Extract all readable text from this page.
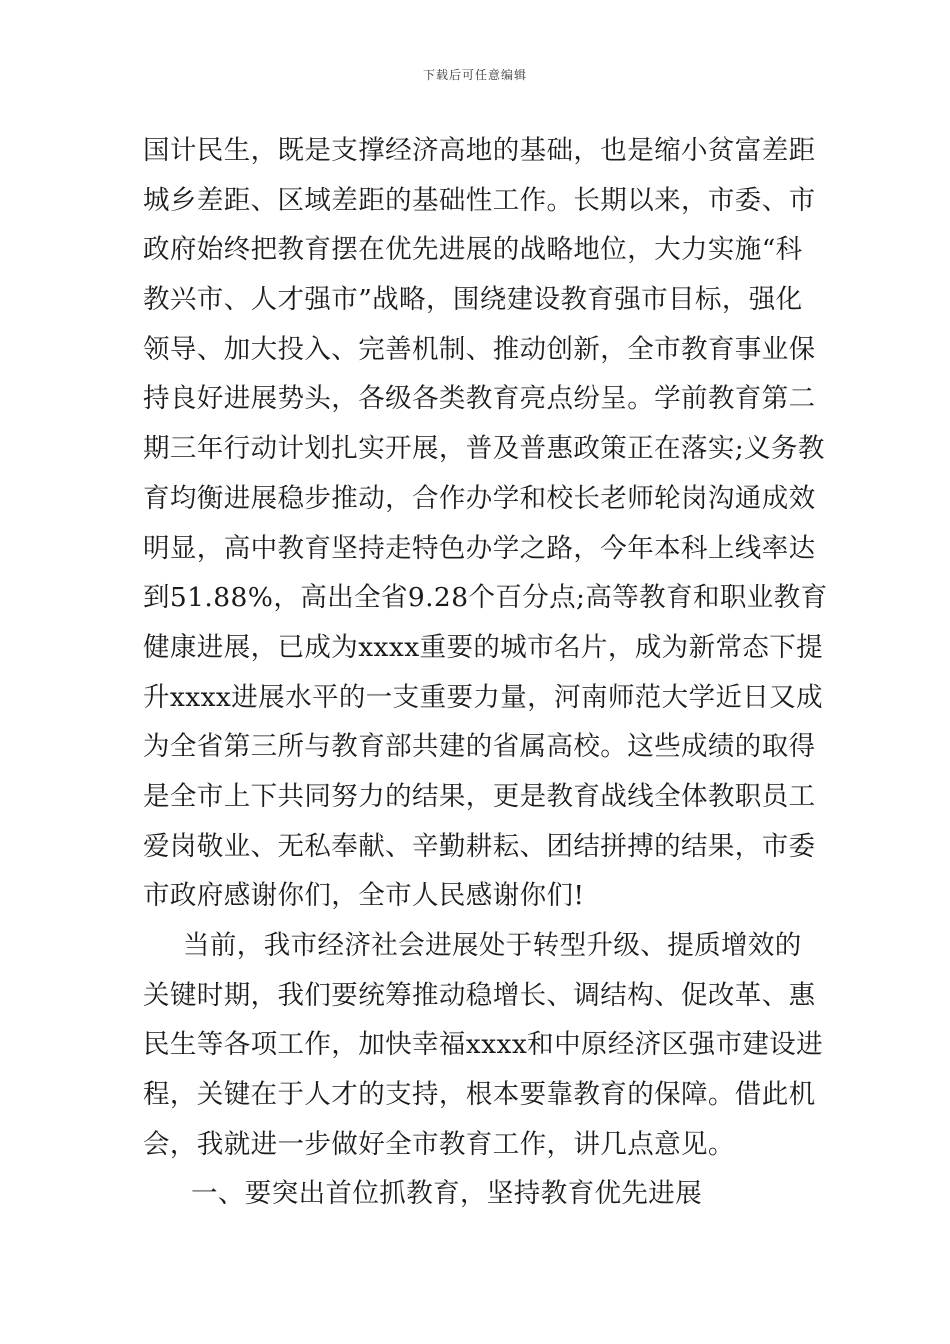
下载后可任意编辑
国计民生，既是支撑经济高地的基础，也是缩小贫富差距
城乡差距、区域差距的基础性工作。长期以来，市委、市
政府始终把教育摆在优先进展的战略地位，大力实施“科
教兴市、人才强市”战略，围绕建设教育强市目标，强化
领导、加大投入、完善机制、推动创新，全市教育事业保
持良好进展势头，各级各类教育亮点纷呈。学前教育第二
期三年行动计划扎实开展，普及普惠政策正在落实;义务教
育均衡进展稳步推动，合作办学和校长老师轮岗沟通成效
明显，高中教育坚持走特色办学之路，今年本科上线率达
到51.88%，高出全省9.28个百分点;高等教育和职业教育
健康进展，已成为xxxx重要的城市名片，成为新常态下提
升xxxx进展水平的一支重要力量，河南师范大学近日又成
为全省第三所与教育部共建的省属高校。这些成绩的取得
是全市上下共同努力的结果，更是教育战线全体教职员工
爱岗敬业、无私奉献、辛勤耕耘、团结拼搏的结果，市委
市政府感谢你们，全市人民感谢你们!
当前，我市经济社会进展处于转型升级、提质增效的
关键时期，我们要统筹推动稳增长、调结构、促改革、惠
民生等各项工作，加快幸福xxxx和中原经济区强市建设进
程，关键在于人才的支持，根本要靠教育的保障。借此机
会，我就进一步做好全市教育工作，讲几点意见。
一、要突出首位抓教育，坚持教育优先进展
